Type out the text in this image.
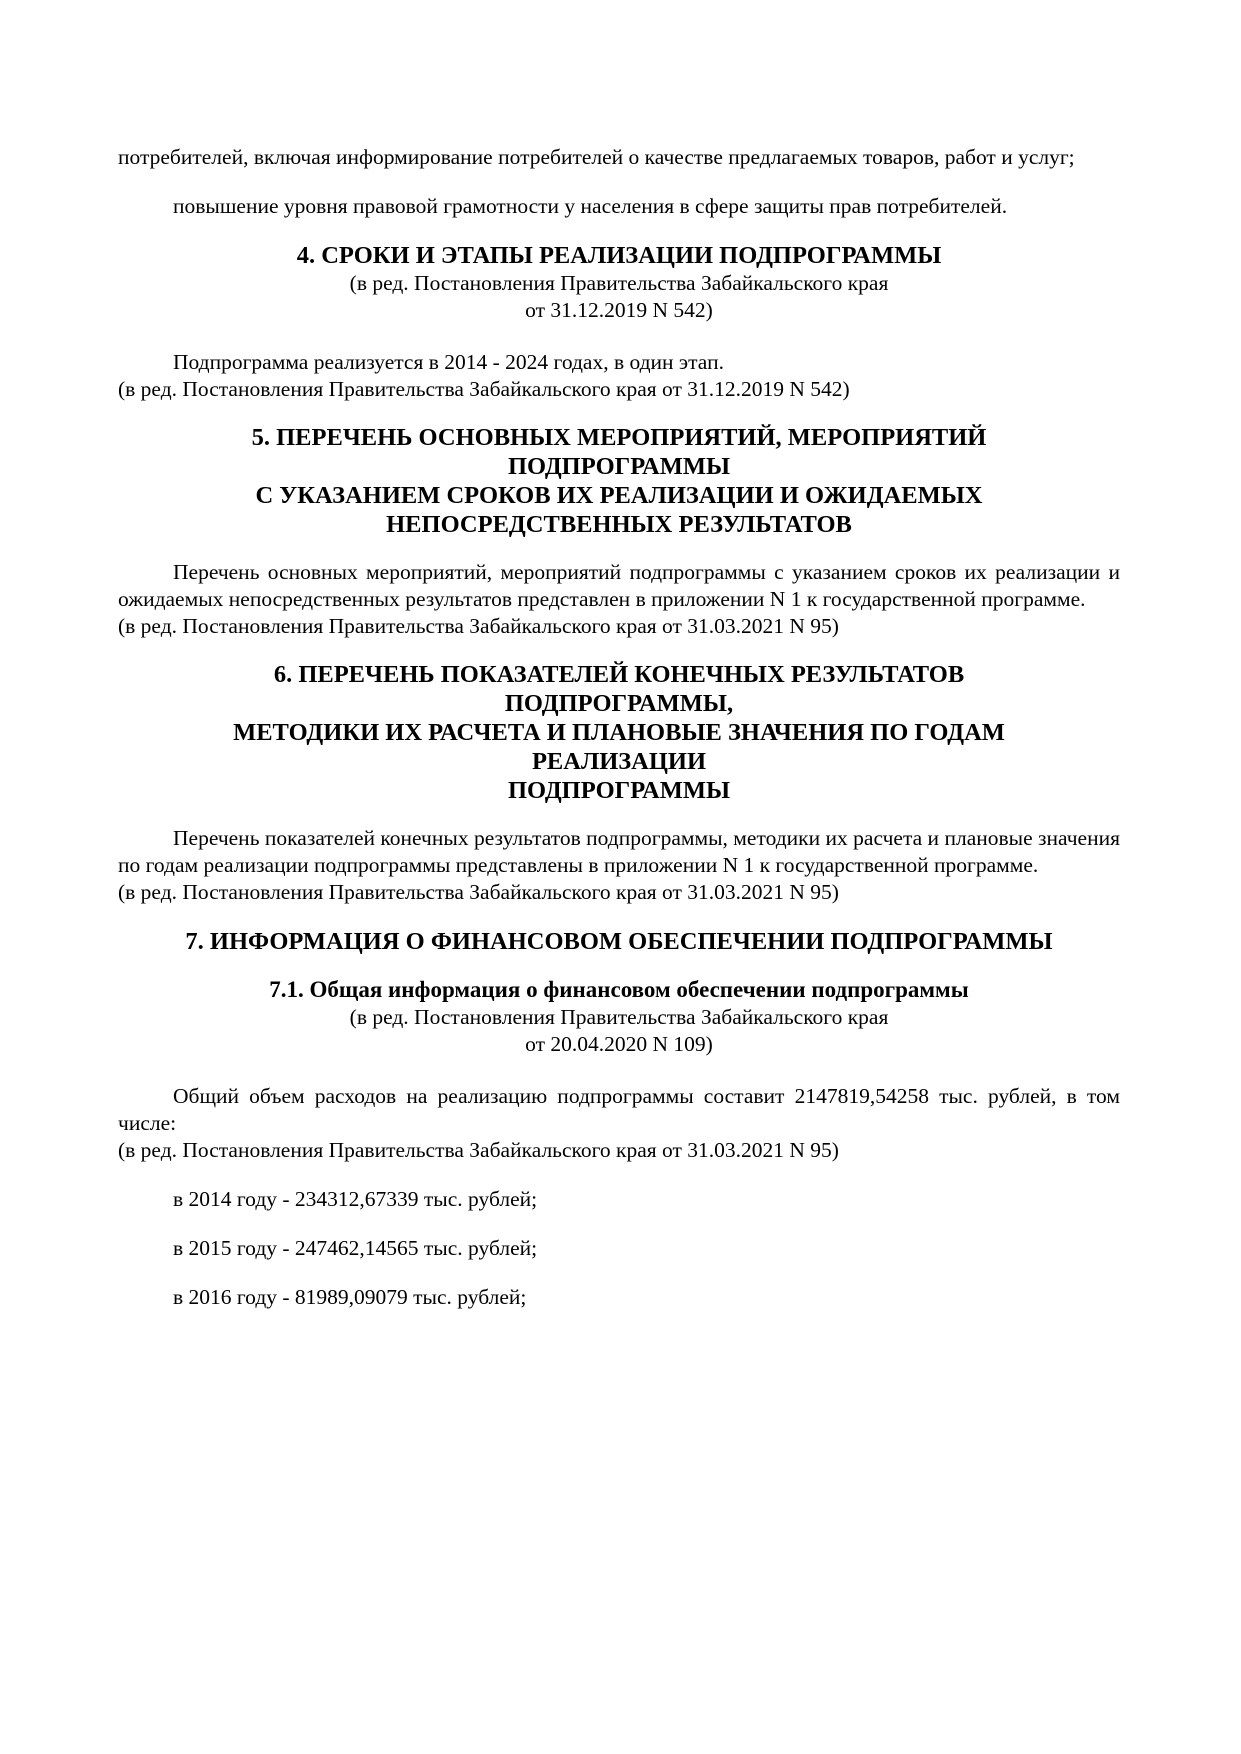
потребителей, включая информирование потребителей о качестве предлагаемых товаров, работ и услуг;

повышение уровня правовой грамотности у населения в сфере защиты прав потребителей.

4. СРОКИ И ЭТАПЫ РЕАЛИЗАЦИИ ПОДПРОГРАММЫ

(в ред. Постановления Правительства Забайкальского края

от 31.12.2019 N 542)

Подпрограмма реализуется в 2014 - 2024 годах, в один этап.

(в ред. Постановления Правительства Забайкальского края от 31.12.2019 N 542)

5. ПЕРЕЧЕНЬ ОСНОВНЫХ МЕРОПРИЯТИЙ, МЕРОПРИЯТИЙ
ПОДПРОГРАММЫ
С УКАЗАНИЕМ СРОКОВ ИХ РЕАЛИЗАЦИИ И ОЖИДАЕМЫХ
НЕПОСРЕДСТВЕННЫХ РЕЗУЛЬТАТОВ

Перечень основных мероприятий, мероприятий подпрограммы с указанием сроков их реализации и ожидаемых непосредственных результатов представлен в приложении N 1 к государственной программе.

(в ред. Постановления Правительства Забайкальского края от 31.03.2021 N 95)

6. ПЕРЕЧЕНЬ ПОКАЗАТЕЛЕЙ КОНЕЧНЫХ РЕЗУЛЬТАТОВ
ПОДПРОГРАММЫ,
МЕТОДИКИ ИХ РАСЧЕТА И ПЛАНОВЫЕ ЗНАЧЕНИЯ ПО ГОДАМ
РЕАЛИЗАЦИИ
ПОДПРОГРАММЫ

Перечень показателей конечных результатов подпрограммы, методики их расчета и плановые значения по годам реализации подпрограммы представлены в приложении N 1 к государственной программе.

(в ред. Постановления Правительства Забайкальского края от 31.03.2021 N 95)

7. ИНФОРМАЦИЯ О ФИНАНСОВОМ ОБЕСПЕЧЕНИИ ПОДПРОГРАММЫ
7.1. Общая информация о финансовом обеспечении подпрограммы

(в ред. Постановления Правительства Забайкальского края

от 20.04.2020 N 109)

Общий объем расходов на реализацию подпрограммы составит 2147819,54258 тыс. рублей, в том числе:

(в ред. Постановления Правительства Забайкальского края от 31.03.2021 N 95)

в 2014 году - 234312,67339 тыс. рублей;

в 2015 году - 247462,14565 тыс. рублей;

в 2016 году - 81989,09079 тыс. рублей;
